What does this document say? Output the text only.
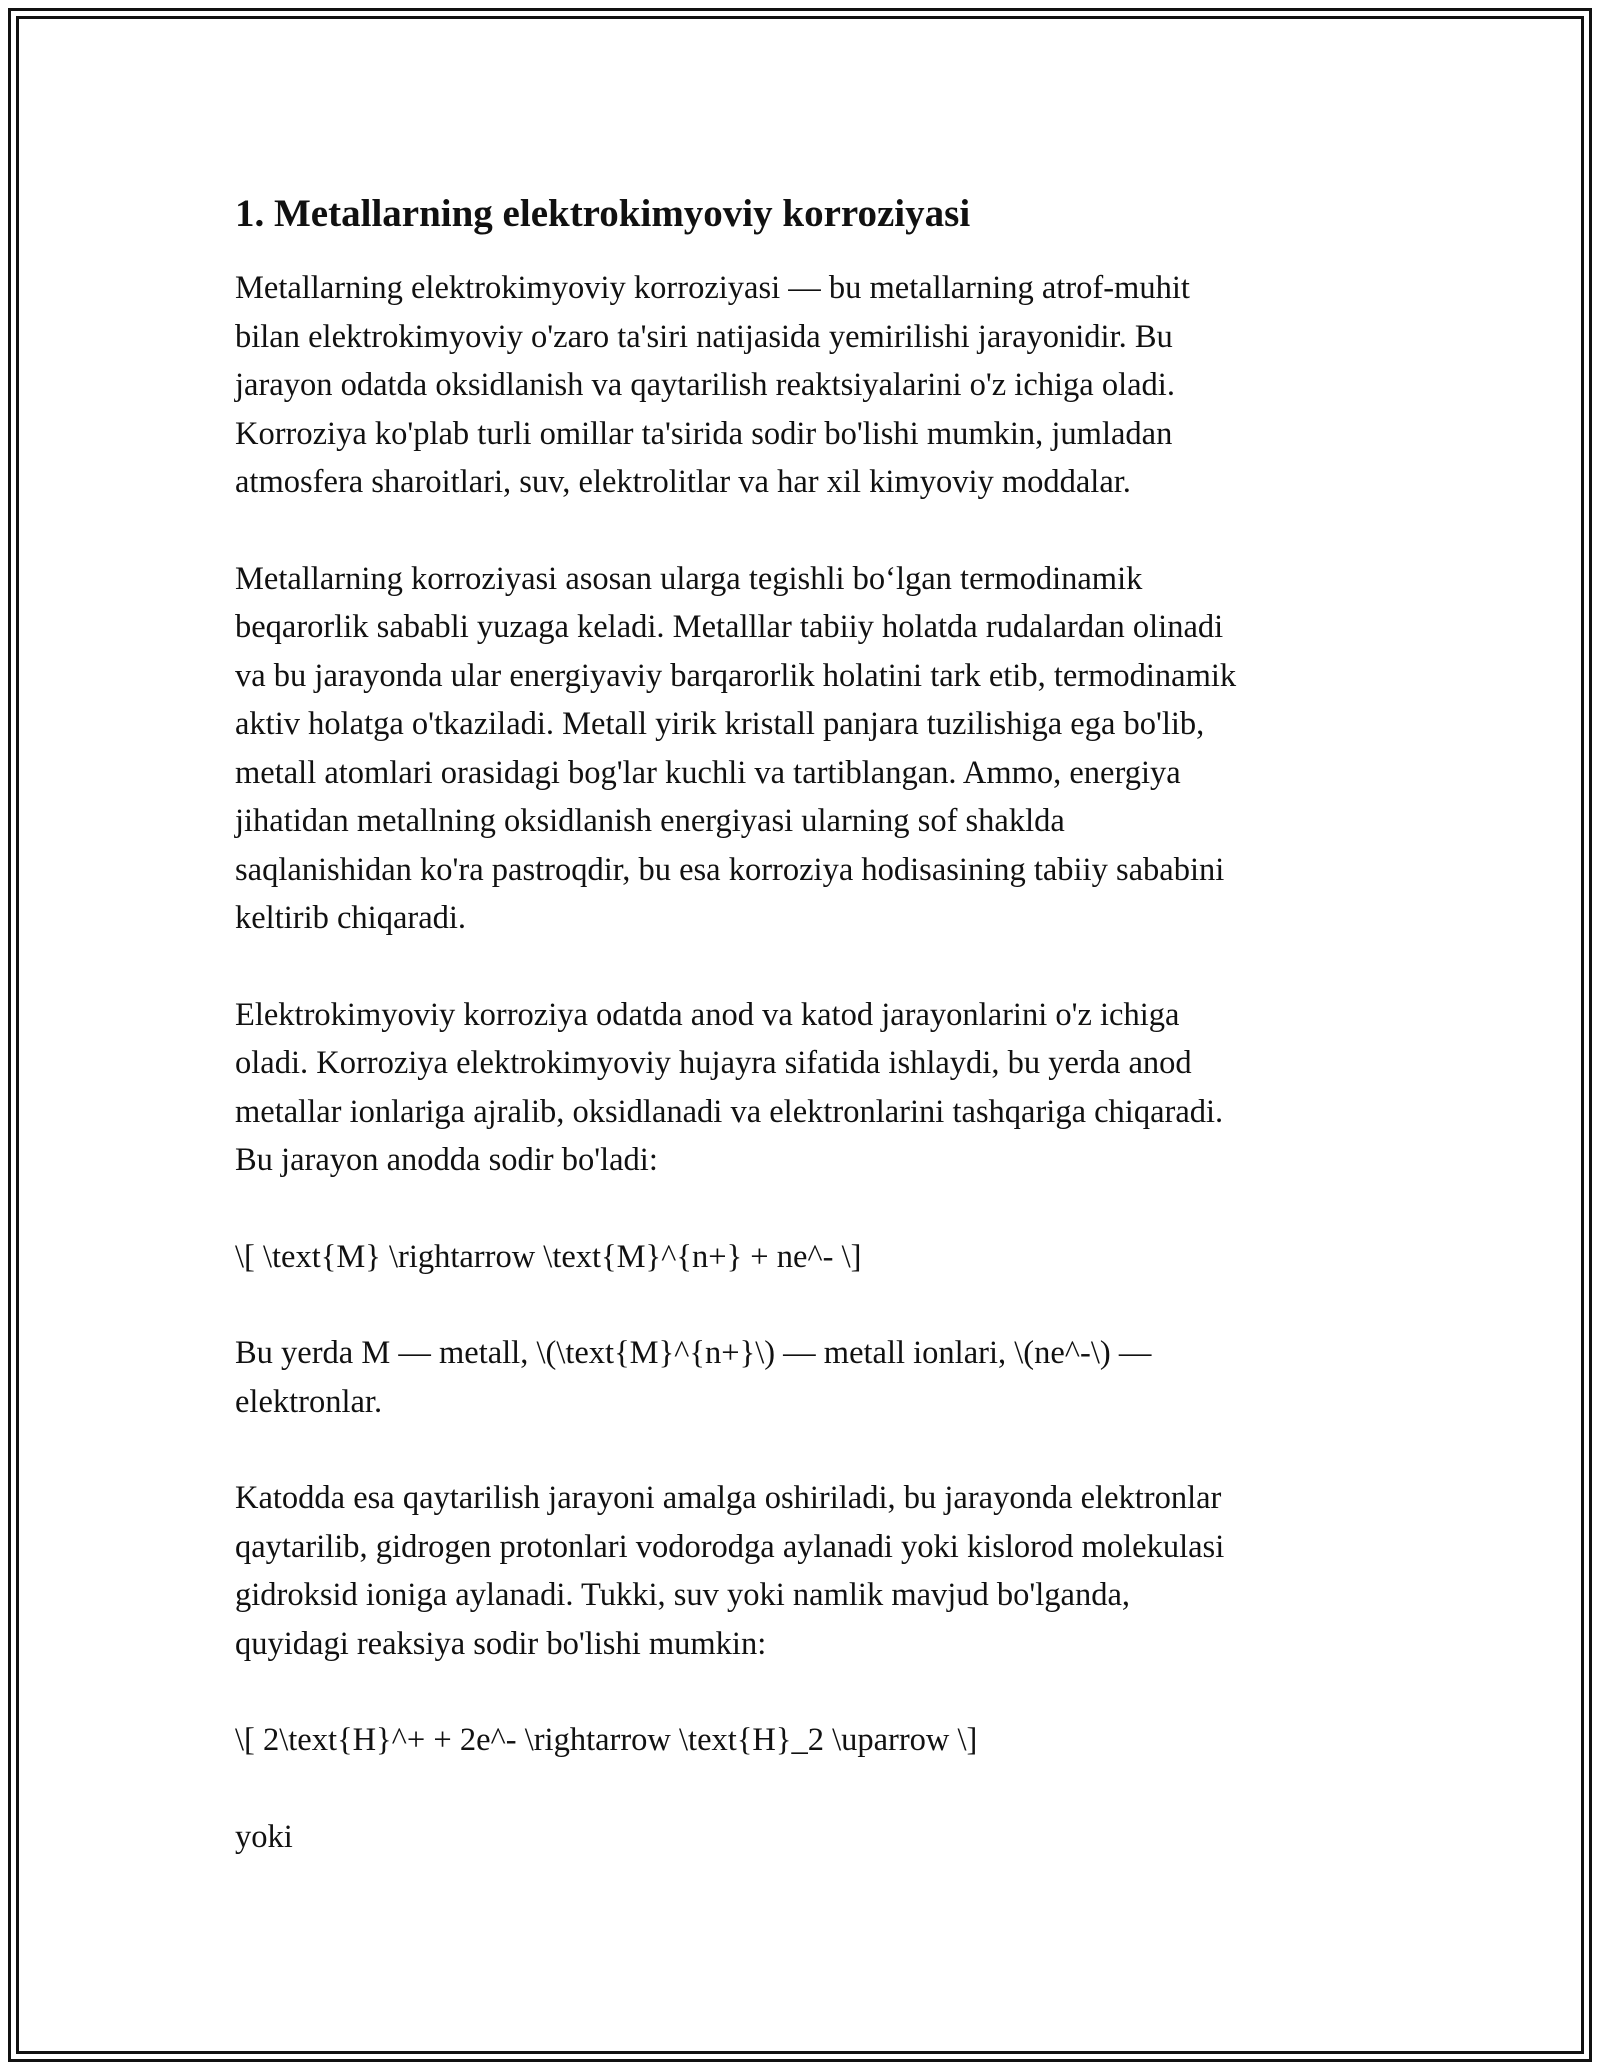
1. Metallarning elektrokimyoviy korroziyasi

Metallarning elektrokimyoviy korroziyasi — bu metallarning atrof-muhit
bilan elektrokimyoviy o'zaro ta'siri natijasida yemirilishi jarayonidir. Bu
jarayon odatda oksidlanish va qaytarilish reaktsiyalarini o'z ichiga oladi.
Korroziya ko'plab turli omillar ta'sirida sodir bo'lishi mumkin, jumladan
atmosfera sharoitlari, suv, elektrolitlar va har xil kimyoviy moddalar.

Metallarning korroziyasi asosan ularga tegishli bo‘lgan termodinamik
beqarorlik sababli yuzaga keladi. Metalllar tabiiy holatda rudalardan olinadi
va bu jarayonda ular energiyaviy barqarorlik holatini tark etib, termodinamik
aktiv holatga o'tkaziladi. Metall yirik kristall panjara tuzilishiga ega bo'lib,
metall atomlari orasidagi bog'lar kuchli va tartiblangan. Ammo, energiya
jihatidan metallning oksidlanish energiyasi ularning sof shaklda
saqlanishidan ko'ra pastroqdir, bu esa korroziya hodisasining tabiiy sababini
keltirib chiqaradi.

Elektrokimyoviy korroziya odatda anod va katod jarayonlarini o'z ichiga
oladi. Korroziya elektrokimyoviy hujayra sifatida ishlaydi, bu yerda anod
metallar ionlariga ajralib, oksidlanadi va elektronlarini tashqariga chiqaradi.
Bu jarayon anodda sodir bo'ladi:

\[ \text{M} \rightarrow \text{M}^{n+} + ne^- \]

Bu yerda M — metall, \(\text{M}^{n+}\) — metall ionlari, \(ne^-\) —
elektronlar.

Katodda esa qaytarilish jarayoni amalga oshiriladi, bu jarayonda elektronlar
qaytarilib, gidrogen protonlari vodorodga aylanadi yoki kislorod molekulasi
gidroksid ioniga aylanadi. Tukki, suv yoki namlik mavjud bo'lganda,
quyidagi reaksiya sodir bo'lishi mumkin:

\[ 2\text{H}^+ + 2e^- \rightarrow \text{H}_2 \uparrow \]

yoki
